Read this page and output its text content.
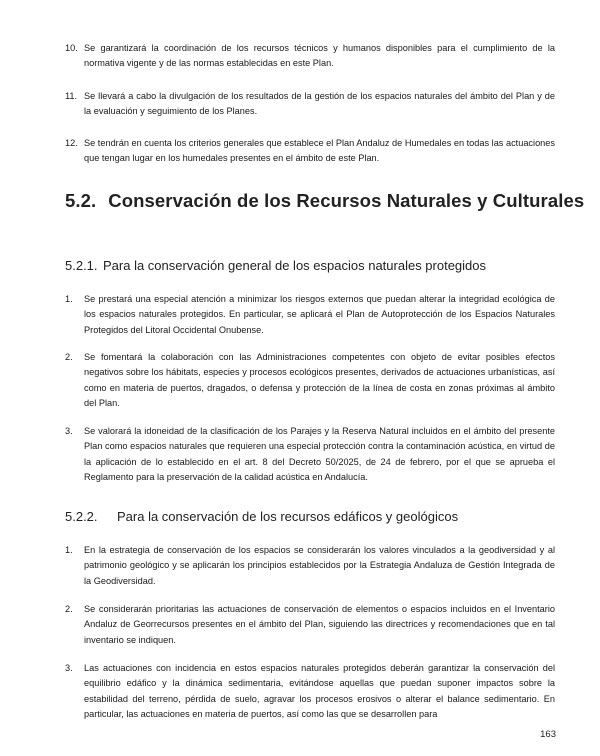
10. Se garantizará la coordinación de los recursos técnicos y humanos disponibles para el cumplimiento de la normativa vigente y de las normas establecidas en este Plan.
11. Se llevará a cabo la divulgación de los resultados de la gestión de los espacios naturales del ámbito del Plan y de la evaluación y seguimiento de los Planes.
12. Se tendrán en cuenta los criterios generales que establece el Plan Andaluz de Humedales en todas las actuaciones que tengan lugar en los humedales presentes en el ámbito de este Plan.
5.2. Conservación de los Recursos Naturales y Culturales
5.2.1. Para la conservación general de los espacios naturales protegidos
1.	Se prestará una especial atención a minimizar los riesgos externos que puedan alterar la integridad ecológica de los espacios naturales protegidos. En particular, se aplicará el Plan de Autoprotección de los Espacios Naturales Protegidos del Litoral Occidental Onubense.
2.	Se fomentará la colaboración con las Administraciones competentes con objeto de evitar posibles efectos negativos sobre los hábitats, especies y procesos ecológicos presentes, derivados de actuaciones urbanísticas, así como en materia de puertos, dragados, o defensa y protección de la línea de costa en zonas próximas al ámbito del Plan.
3.	Se valorará la idoneidad de la clasificación de los Parajes y la Reserva Natural incluidos en el ámbito del presente Plan como espacios naturales que requieren una especial protección contra la contaminación acústica, en virtud de la aplicación de lo establecido en el art. 8 del Decreto 50/2025, de 24 de febrero, por el que se aprueba el Reglamento para la preservación de la calidad acústica en Andalucía.
5.2.2. Para la conservación de los recursos edáficos y geológicos
1.	En la estrategia de conservación de los espacios se considerarán los valores vinculados a la geodiversidad y al patrimonio geológico y se aplicarán los principios establecidos por la Estrategia Andaluza de Gestión Integrada de la Geodiversidad.
2.	Se considerarán prioritarias las actuaciones de conservación de elementos o espacios incluidos en el Inventario Andaluz de Georrecursos presentes en el ámbito del Plan, siguiendo las directrices y recomendaciones que en tal inventario se indiquen.
3.	Las actuaciones con incidencia en estos espacios naturales protegidos deberán garantizar la conservación del equilibrio edáfico y la dinámica sedimentaria, evitándose aquellas que puedan suponer impactos sobre la estabilidad del terreno, pérdida de suelo, agravar los procesos erosivos o alterar el balance sedimentario. En particular, las actuaciones en materia de puertos, así como las que se desarrollen para
163
